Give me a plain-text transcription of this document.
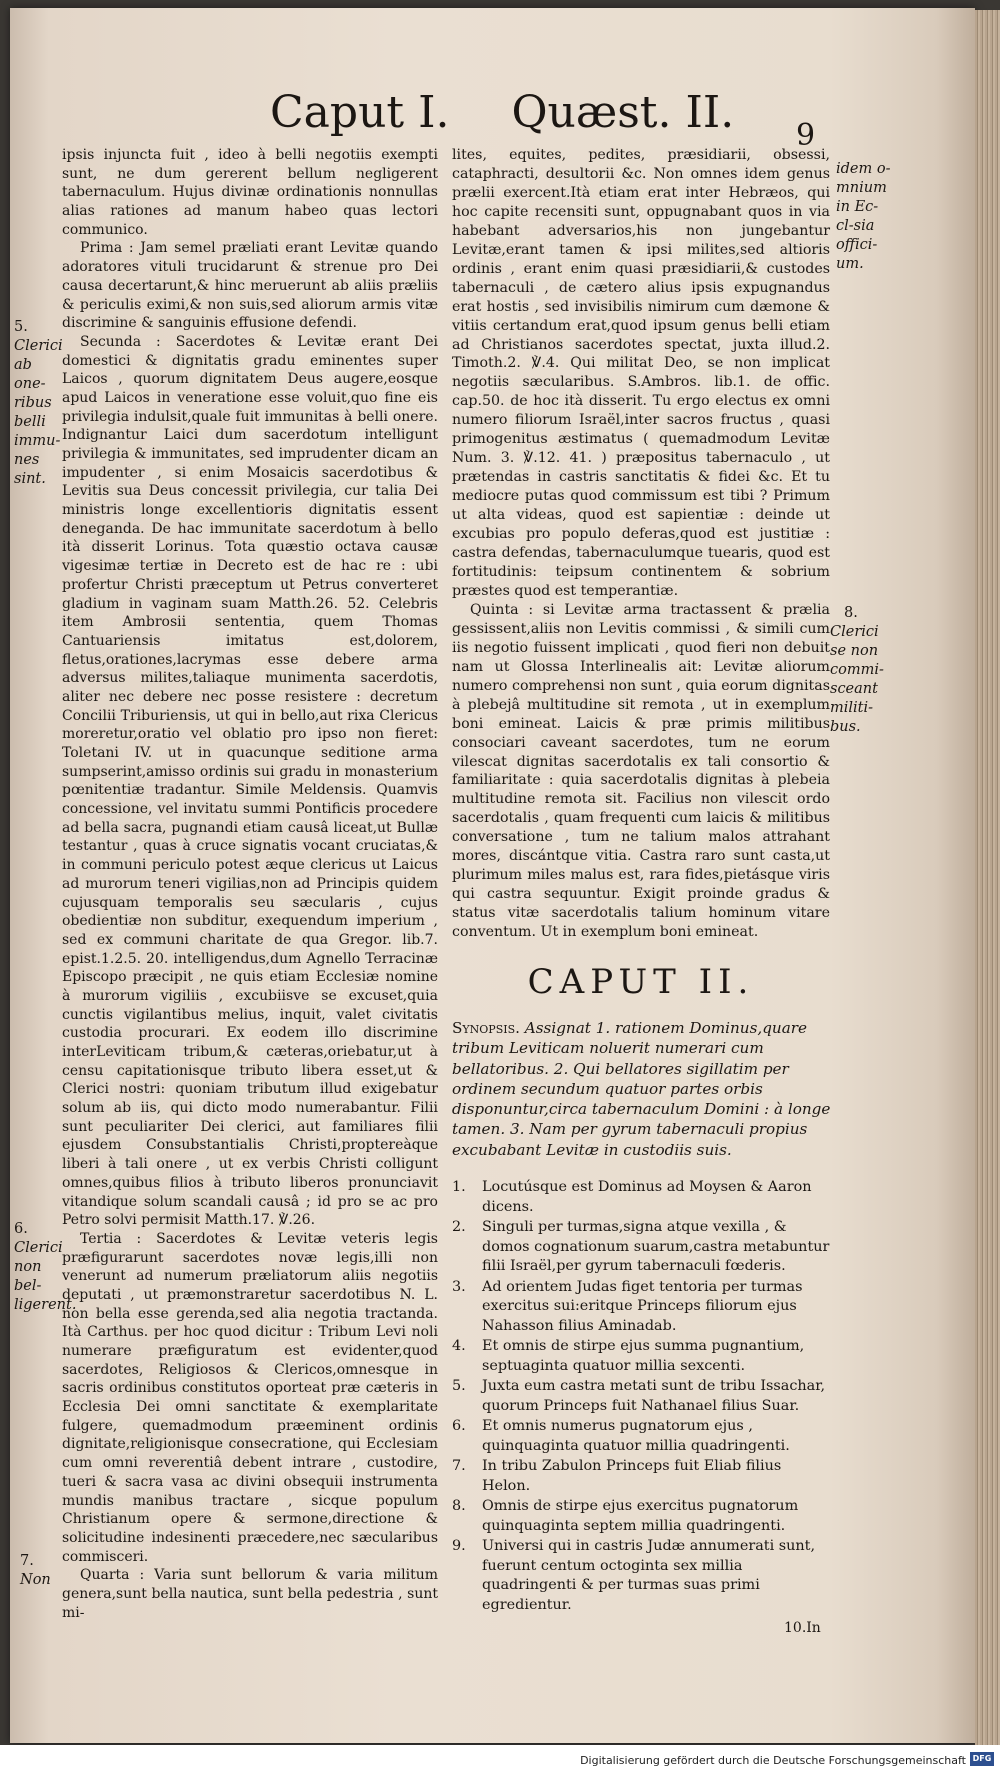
Caput I. Quæst. II.	9

ipsis injuncta fuit , ideo à belli negotiis exempti sunt, ne dum gererent bellum negligerent tabernaculum. Hujus divinæ ordinationis nonnullas alias rationes ad manum habeo quas lectori communico.

Prima : Jam semel præliati erant Levitæ quando adoratores vituli trucidarunt & strenue pro Dei causa decertarunt,& hinc meruerunt ab aliis præliis & periculis eximi,& non suis,sed aliorum armis vitæ discrimine & sanguinis effusione defendi.

Secunda : Sacerdotes & Levitæ erant Dei domestici & dignitatis gradu eminentes super Laicos , quorum dignitatem Deus augere,eosque apud Laicos in veneratione esse voluit,quo fine eis privilegia indulsit,quale fuit immunitas à belli onere. Indignantur Laici dum sacerdotum intelligunt privilegia & immunitates, sed imprudenter dicam an impudenter , si enim Mosaicis sacerdotibus & Levitis sua Deus concessit privilegia, cur talia Dei ministris longe excellentioris dignitatis essent deneganda. De hac immunitate sacerdotum à bello ità disserit Lorinus. Tota quæstio octava causæ vigesimæ tertiæ in Decreto est de hac re : ubi profertur Christi præceptum ut Petrus converteret gladium in vaginam suam Matth.26. 52. Celebris item Ambrosii sententia, quem Thomas Cantuariensis imitatus est,dolorem, fletus,orationes,lacrymas esse debere arma adversus milites,taliaque munimenta sacerdotis, aliter nec debere nec posse resistere : decretum Concilii Triburiensis, ut qui in bello,aut rixa Clericus moreretur,oratio vel oblatio pro ipso non fieret: Toletani IV. ut in quacunque seditione arma sumpserint,amisso ordinis sui gradu in monasterium pœnitentiæ tradantur. Simile Meldensis. Quamvis concessione, vel invitatu summi Pontificis procedere ad bella sacra, pugnandi etiam causâ liceat,ut Bullæ testantur , quas à cruce signatis vocant cruciatas,& in communi periculo potest æque clericus ut Laicus ad murorum teneri vigilias,non ad Principis quidem cujusquam temporalis seu sæcularis , cujus obedientiæ non subditur, exequendum imperium , sed ex communi charitate de qua Gregor. lib.7. epist.1.2.5. 20. intelligendus,dum Agnello Terracinæ Episcopo præcipit , ne quis etiam Ecclesiæ nomine à murorum vigiliis , excubiisve se excuset,quia cunctis vigilantibus melius, inquit, valet civitatis custodia procurari. Ex eodem illo discrimine interLeviticam tribum,& cæteras,oriebatur,ut à censu capitationisque tributo libera esset,ut & Clerici nostri: quoniam tributum illud exigebatur solum ab iis, qui dicto modo numerabantur. Filii sunt peculiariter Dei clerici, aut familiares filii ejusdem Consubstantialis Christi,proptereàque liberi à tali onere , ut ex verbis Christi colligunt omnes,quibus filios à tributo liberos pronunciavit vitandique solum scandali causâ ; id pro se ac pro Petro solvi permisit Matth.17. ℣.26.

Tertia : Sacerdotes & Levitæ veteris legis præfigurarunt sacerdotes novæ legis,illi non venerunt ad numerum præliatorum aliis negotiis deputati , ut præmonstraretur sacerdotibus N. L. non bella esse gerenda,sed alia negotia tractanda. Ità Carthus. per hoc quod dicitur : Tribum Levi noli numerare præfiguratum est evidenter,quod sacerdotes, Religiosos & Clericos,omnesque in sacris ordinibus constitutos oporteat præ cæteris in Ecclesia Dei omni sanctitate & exemplaritate fulgere, quemadmodum præeminent ordinis dignitate,religionisque consecratione, qui Ecclesiam cum omni reverentiâ debent intrare , custodire, tueri & sacra vasa ac divini obsequii instrumenta mundis manibus tractare , sicque populum Christianum opere & sermone,directione & solicitudine indesinenti præcedere,nec sæcularibus commisceri.

Quarta : Varia sunt bellorum & varia militum genera,sunt bella nautica, sunt bella pedestria , sunt mi-

lites, equites, pedites, præsidiarii, obsessi, cataphracti, desultorii &c. Non omnes idem genus prælii exercent.Ità etiam erat inter Hebræos, qui hoc capite recensiti sunt, oppugnabant quos in via habebant adversarios,his non jungebantur Levitæ,erant tamen & ipsi milites,sed altioris ordinis , erant enim quasi præsidiarii,& custodes tabernaculi , de cætero alius ipsis expugnandus erat hostis , sed invisibilis nimirum cum dæmone & vitiis certandum erat,quod ipsum genus belli etiam ad Christianos sacerdotes spectat, juxta illud.2. Timoth.2. ℣.4. Qui militat Deo, se non implicat negotiis sæcularibus. S.Ambros. lib.1. de offic. cap.50. de hoc ità disserit. Tu ergo electus ex omni numero filiorum Israël,inter sacros fructus , quasi primogenitus æstimatus ( quemadmodum Levitæ Num. 3. ℣.12. 41. ) præpositus tabernaculo , ut prætendas in castris sanctitatis & fidei &c. Et tu mediocre putas quod commissum est tibi ? Primum ut alta videas, quod est sapientiæ : deinde ut excubias pro populo deferas,quod est justitiæ : castra defendas, tabernaculumque tuearis, quod est fortitudinis: teipsum continentem & sobrium præstes quod est temperantiæ.

Quinta : si Levitæ arma tractassent & prælia gessissent,aliis non Levitis commissi , & simili cum iis negotio fuissent implicati , quod fieri non debuit nam ut Glossa Interlinealis ait: Levitæ aliorum numero comprehensi non sunt , quia eorum dignitas à plebejâ multitudine sit remota , ut in exemplum boni emineat. Laicis & præ primis militibus consociari caveant sacerdotes, tum ne eorum vilescat dignitas sacerdotalis ex tali consortio & familiaritate : quia sacerdotalis dignitas à plebeia multitudine remota sit. Facilius non vilescit ordo sacerdotalis , quam frequenti cum laicis & militibus conversatione , tum ne talium malos attrahant mores, discántque vitia. Castra raro sunt casta,ut plurimum miles malus est, rara fides,pietásque viris qui castra sequuntur. Exigit proinde gradus & status vitæ sacerdotalis talium hominum vitare conventum. Ut in exemplum boni emineat.

5.
Clerici
ab one-
ribus
belli
immu-
nes sint.
6.
Clerici
non bel-
ligerent.
7.
Non
idem o-
mnium
in Ec-
cl-sia
offici-
um.
8.
Clerici
se non
commi-
sceant
militi-
bus.
CAPUT II.
Synopsis. Assignat 1. rationem Dominus,quare tribum Leviticam noluerit numerari cum bellatoribus. 2. Qui bellatores sigillatim per ordinem secundum quatuor partes orbis disponuntur,circa tabernaculum Domini : à longe tamen. 3. Nam per gyrum tabernaculi propius excubabant Levitæ in custodiis suis.
1.	Locutúsque est Dominus ad Moysen & Aaron dicens.
2.	Singuli per turmas,signa atque vexilla , & domos cognationum suarum,castra metabuntur filii Israël,per gyrum tabernaculi fœderis.
3.	Ad orientem Judas figet tentoria per turmas exercitus sui:eritque Princeps filiorum ejus Nahasson filius Aminadab.
4.	Et omnis de stirpe ejus summa pugnantium, septuaginta quatuor millia sexcenti.
5.	Juxta eum castra metati sunt de tribu Issachar, quorum Princeps fuit Nathanael filius Suar.
6.	Et omnis numerus pugnatorum ejus , quinquaginta quatuor millia quadringenti.
7.	In tribu Zabulon Princeps fuit Eliab filius Helon.
8.	Omnis de stirpe ejus exercitus pugnatorum quinquaginta septem millia quadringenti.
9.	Universi qui in castris Judæ annumerati sunt, fuerunt centum octoginta sex millia quadringenti & per turmas suas primi egredientur.
10.In
Digitalisierung gefördert durch die Deutsche Forschungsgemeinschaft DFG
